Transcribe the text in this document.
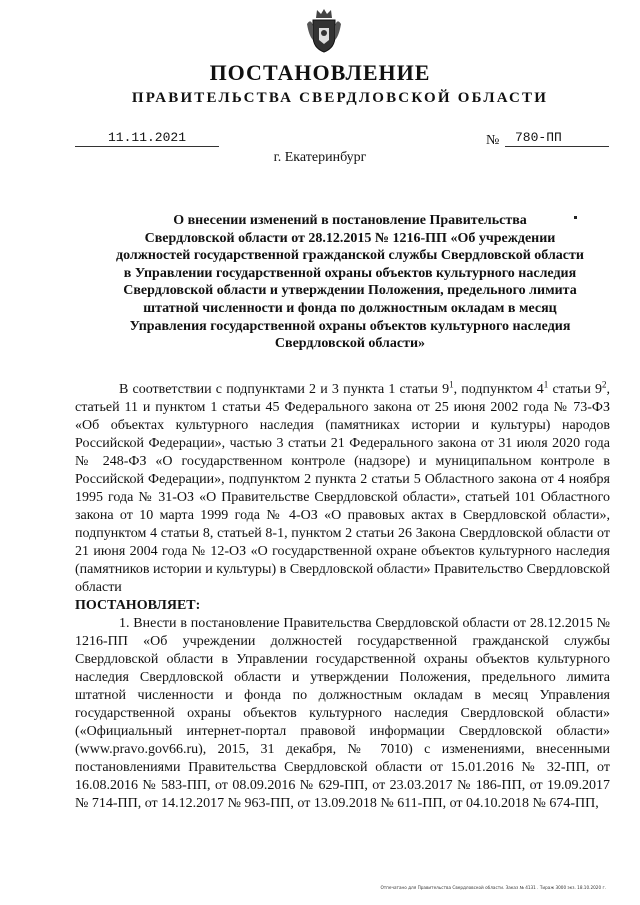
ПОСТАНОВЛЕНИЕ
ПРАВИТЕЛЬСТВА СВЕРДЛОВСКОЙ ОБЛАСТИ
11.11.2021	№	780-ПП
г. Екатеринбург
О внесении изменений в постановление Правительства
Свердловской области от 28.12.2015 № 1216-ПП «Об учреждении
должностей государственной гражданской службы Свердловской области
в Управлении государственной охраны объектов культурного наследия
Свердловской области и утверждении Положения, предельного лимита
штатной численности и фонда по должностным окладам в месяц
Управления государственной охраны объектов культурного наследия
Свердловской области»

В соответствии с подпунктами 2 и 3 пункта 1 статьи $9^1$, подпунктом $4^1$ статьи $9^2$, статьей 11 и пунктом 1 статьи 45 Федерального закона от 25 июня 2002 года № 73-ФЗ «Об объектах культурного наследия (памятниках истории и культуры) народов Российской Федерации», частью 3 статьи 21 Федерального закона от 31 июля 2020 года № 248-ФЗ «О государственном контроле (надзоре) и муниципальном контроле в Российской Федерации», подпунктом 2 пункта 2 статьи 5 Областного закона от 4 ноября 1995 года № 31-ОЗ «О Правительстве Свердловской области», статьей 101 Областного закона от 10 марта 1999 года № 4-ОЗ «О правовых актах в Свердловской области», подпунктом 4 статьи 8, статьей 8-1, пунктом 2 статьи 26 Закона Свердловской области от 21 июня 2004 года № 12-ОЗ «О государственной охране объектов культурного наследия (памятников истории и культуры) в Свердловской области» Правительство Свердловской области

ПОСТАНОВЛЯЕТ:

1. Внести в постановление Правительства Свердловской области от 28.12.2015 № 1216-ПП «Об учреждении должностей государственной гражданской службы Свердловской области в Управлении государственной охраны объектов культурного наследия Свердловской области и утверждении Положения, предельного лимита штатной численности и фонда по должностным окладам в месяц Управления государственной охраны объектов культурного наследия Свердловской области» («Официальный интернет-портал правовой информации Свердловской области» (www.pravo.gov66.ru), 2015, 31 декабря, № 7010) с изменениями, внесенными постановлениями Правительства Свердловской области от 15.01.2016 № 32-ПП, от 16.08.2016 № 583-ПП, от 08.09.2016 № 629-ПП, от 23.03.2017 № 186-ПП, от 19.09.2017 № 714-ПП, от 14.12.2017 № 963-ПП, от 13.09.2018 № 611-ПП, от 04.10.2018 № 674-ПП,

Отпечатано для Правительства Свердловской области. Заказ № 4131 . Тираж 3000 экз. 18.10.2020 г.
